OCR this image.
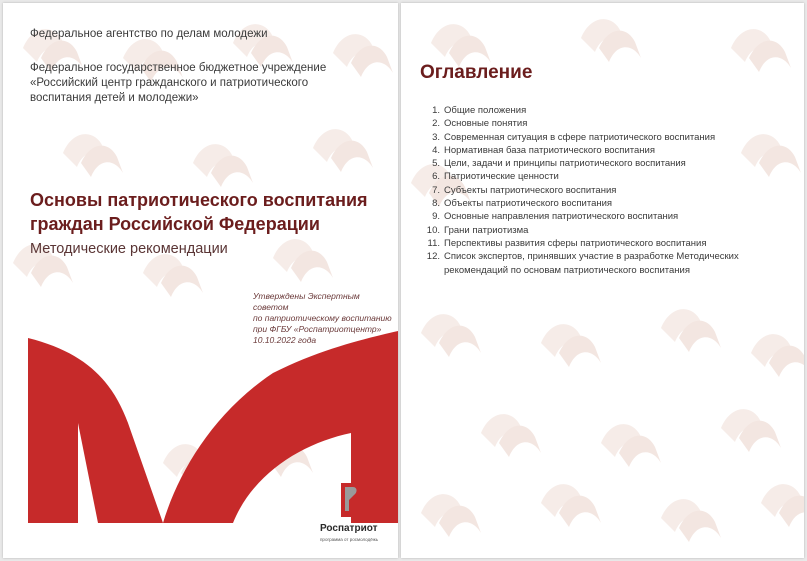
Федеральное агентство по делам молодежи

Федеральное государственное бюджетное учреждение «Российский центр гражданского и патриотического воспитания детей и молодежи»

Основы патриотического воспитания граждан Российской Федерации

Методические рекомендации

Утверждены Экспертным советом
по патриотическому воспитанию
при ФГБУ «Роспатриотцентр»
10.10.2022 года

Роспатриот

программа от росмолодёжь

Оглавление

1. Общие положения
2. Основные понятия
3. Современная ситуация в сфере патриотического воспитания
4. Нормативная база патриотического воспитания
5. Цели, задачи и принципы патриотического воспитания
6. Патриотические ценности
7. Субъекты патриотического воспитания
8. Объекты патриотического воспитания
9. Основные направления патриотического воспитания
10. Грани патриотизма
11. Перспективы развития сферы патриотического воспитания
12. Список экспертов, принявших участие в разработке Методических рекомендаций по основам патриотического воспитания
